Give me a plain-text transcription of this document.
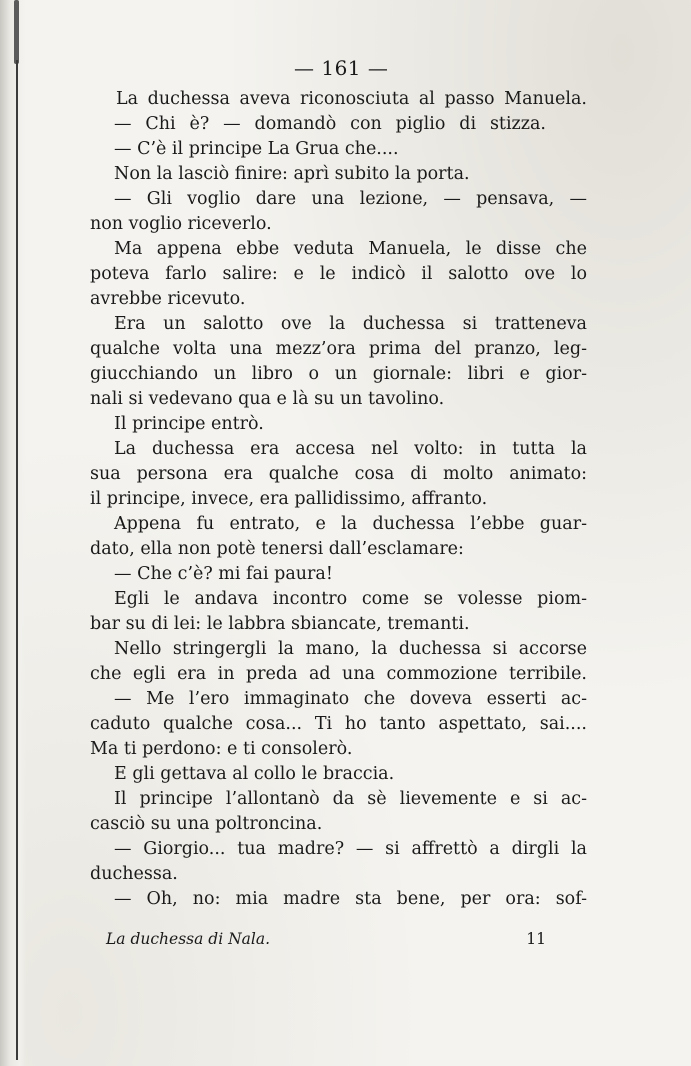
— 161 —
La duchessa aveva riconosciuta al passo Manuela.
— Chi è? — domandò con piglio di stizza.
— C’è il principe La Grua che....
Non la lasciò finire: aprì subito la porta.
— Gli voglio dare una lezione, — pensava, —
non voglio riceverlo.
Ma appena ebbe veduta Manuela, le disse che
poteva farlo salire: e le indicò il salotto ove lo
avrebbe ricevuto.
Era un salotto ove la duchessa si tratteneva
qualche volta una mezz’ora prima del pranzo, leg-
giucchiando un libro o un giornale: libri e gior-
nali si vedevano qua e là su un tavolino.
Il principe entrò.
La duchessa era accesa nel volto: in tutta la
sua persona era qualche cosa di molto animato:
il principe, invece, era pallidissimo, affranto.
Appena fu entrato, e la duchessa l’ebbe guar-
dato, ella non potè tenersi dall’esclamare:
— Che c’è? mi fai paura!
Egli le andava incontro come se volesse piom-
bar su di lei: le labbra sbiancate, tremanti.
Nello stringergli la mano, la duchessa si accorse
che egli era in preda ad una commozione terribile.
— Me l’ero immaginato che doveva esserti ac-
caduto qualche cosa... Ti ho tanto aspettato, sai....
Ma ti perdono: e ti consolerò.
E gli gettava al collo le braccia.
Il principe l’allontanò da sè lievemente e si ac-
casciò su una poltroncina.
— Giorgio... tua madre? — si affrettò a dirgli la
duchessa.
— Oh, no: mia madre sta bene, per ora: sof-
La duchessa di Nala.	11
